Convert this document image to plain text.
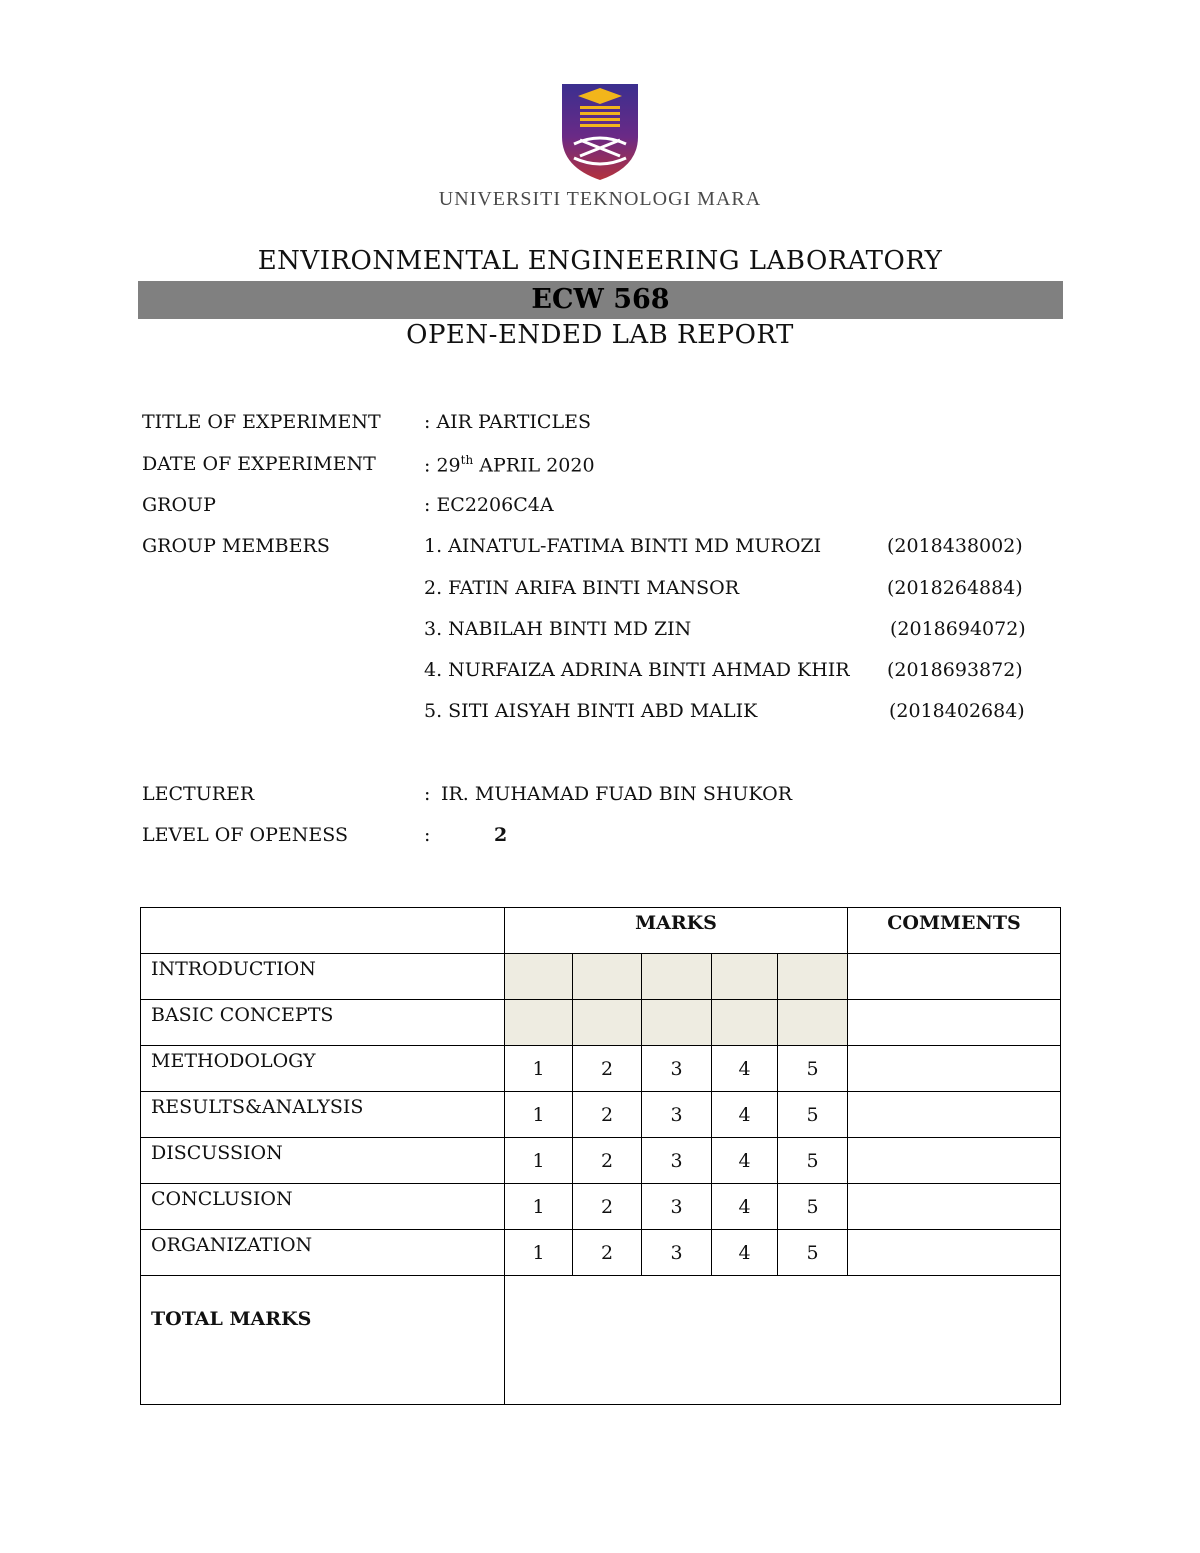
UNIVERSITI TEKNOLOGI MARA
ENVIRONMENTAL ENGINEERING LABORATORY
ECW 568
OPEN-ENDED LAB REPORT
TITLE OF EXPERIMENT : AIR PARTICLES
DATE OF EXPERIMENT	: 29th APRIL 2020
GROUP	: EC2206C4A
GROUP MEMBERS	1. AINATUL-FATIMA BINTI MD MUROZI	(2018438002)
2. FATIN ARIFA BINTI MANSOR	(2018264884)
3. NABILAH BINTI MD ZIN	(2018694072)
4. NURFAIZA ADRINA BINTI AHMAD KHIR (2018693872)
5. SITI AISYAH BINTI ABD MALIK	(2018402684)
LECTURER	: IR. MUHAMAD FUAD BIN SHUKOR
LEVEL OF OPENESS	:	2
	MARKS					COMMENTS
INTRODUCTION						
BASIC CONCEPTS						
METHODOLOGY	1	2	3	4	5	
RESULTS&ANALYSIS	1	2	3	4	5	
DISCUSSION	1	2	3	4	5	
CONCLUSION	1	2	3	4	5	
ORGANIZATION	1	2	3	4	5	
TOTAL MARKS						
